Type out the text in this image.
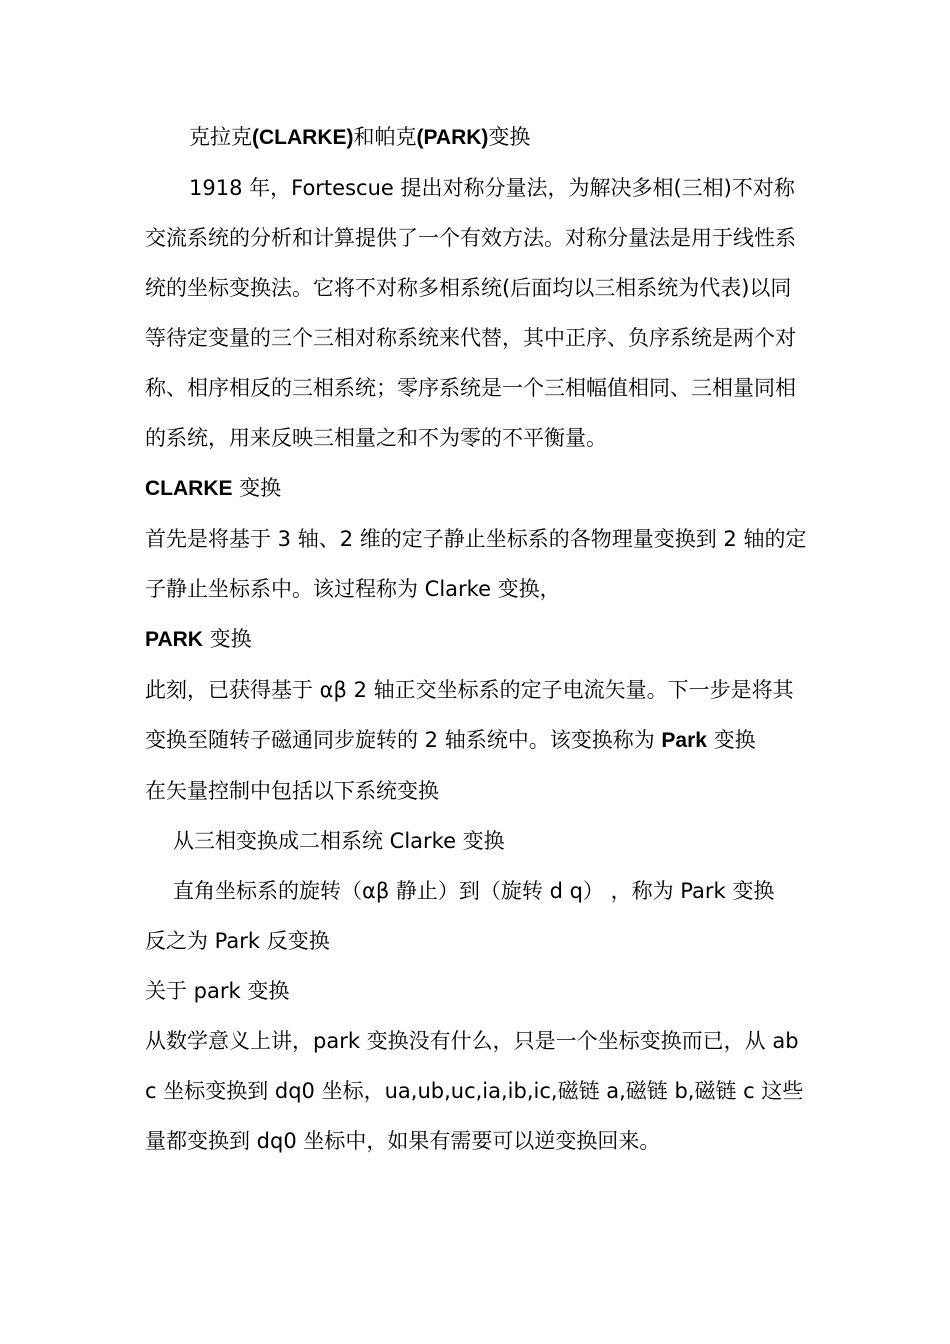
克拉克(CLARKE)和帕克(PARK)变换

1918 年，Fortescue 提出对称分量法，为解决多相(三相)不对称交流系统的分析和计算提供了一个有效方法。对称分量法是用于线性系统的坐标变换法。它将不对称多相系统(后面均以三相系统为代表)以同等待定变量的三个三相对称系统来代替，其中正序、负序系统是两个对称、相序相反的三相系统；零序系统是一个三相幅值相同、三相量同相的系统，用来反映三相量之和不为零的不平衡量。

CLARKE 变换

首先是将基于 3 轴、2 维的定子静止坐标系的各物理量变换到 2 轴的定子静止坐标系中。该过程称为 Clarke 变换，

PARK 变换

此刻，已获得基于 αβ 2 轴正交坐标系的定子电流矢量。下一步是将其变换至随转子磁通同步旋转的 2 轴系统中。该变换称为 Park 变换

在矢量控制中包括以下系统变换

从三相变换成二相系统 Clarke 变换

直角坐标系的旋转（αβ 静止）到（旋转 d q） ，称为 Park 变换

反之为 Park 反变换

关于 park 变换

从数学意义上讲，park 变换没有什么，只是一个坐标变换而已，从 abc 坐标变换到 dq0 坐标，ua,ub,uc,ia,ib,ic,磁链 a,磁链 b,磁链 c 这些量都变换到 dq0 坐标中，如果有需要可以逆变换回来。
